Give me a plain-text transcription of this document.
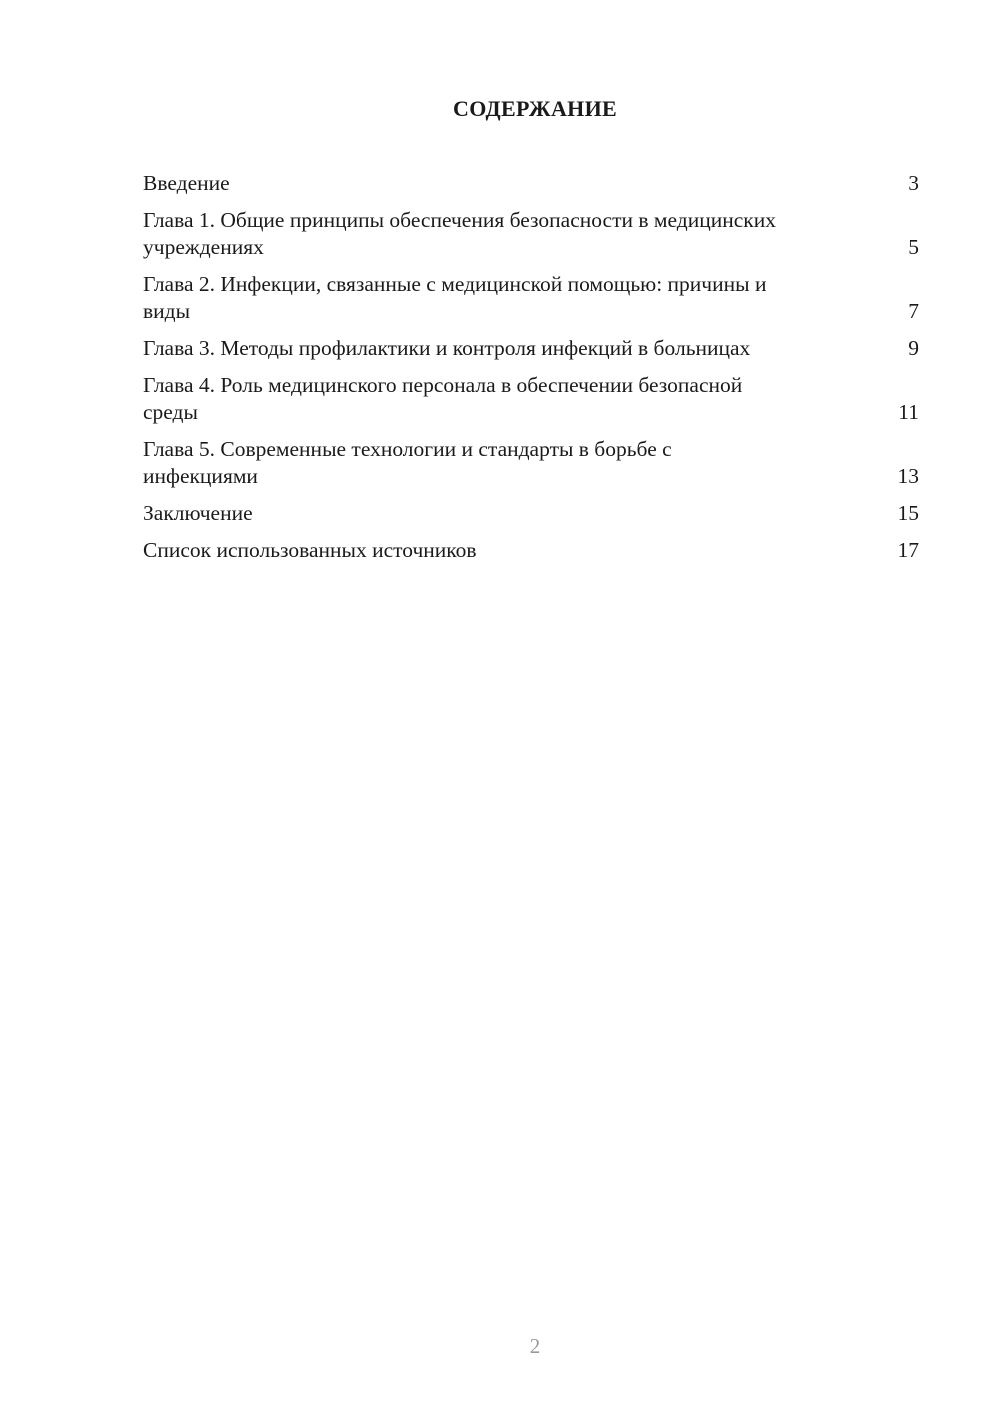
СОДЕРЖАНИЕ
Введение	3
Глава 1. Общие принципы обеспечения безопасности в медицинских учреждениях	5
Глава 2. Инфекции, связанные с медицинской помощью: причины и виды	7
Глава 3. Методы профилактики и контроля инфекций в больницах	9
Глава 4. Роль медицинского персонала в обеспечении безопасной среды	11
Глава 5. Современные технологии и стандарты в борьбе с инфекциями	13
Заключение	15
Список использованных источников	17
2
